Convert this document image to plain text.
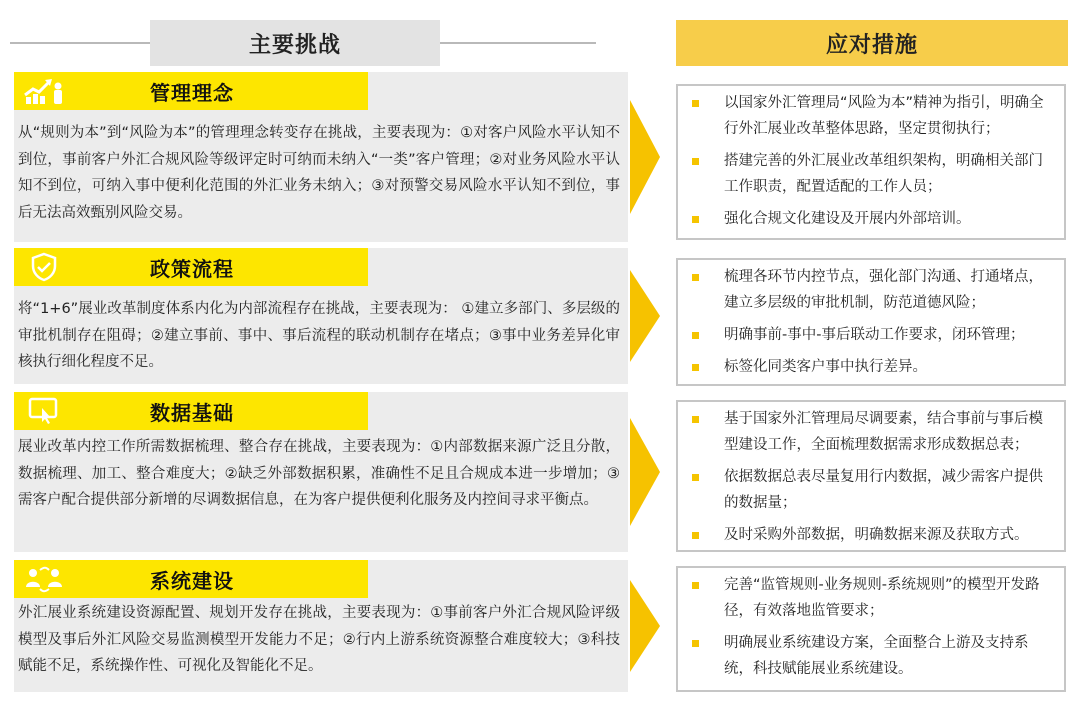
主要挑战	应对措施
管理理念
从“规则为本”到“风险为本”的管理理念转变存在挑战，主要表现为：①对客户风险水平认知不到位，事前客户外汇合规风险等级评定时可纳而未纳入“一类”客户管理；②对业务风险水平认知不到位，可纳入事中便利化范围的外汇业务未纳入；③对预警交易风险水平认知不到位，事后无法高效甄别风险交易。
以国家外汇管理局“风险为本”精神为指引，明确全行外汇展业改革整体思路，坚定贯彻执行；
搭建完善的外汇展业改革组织架构，明确相关部门工作职责，配置适配的工作人员；
强化合规文化建设及开展内外部培训。
政策流程
将“1+6”展业改革制度体系内化为内部流程存在挑战，主要表现为： ①建立多部门、多层级的审批机制存在阻碍；②建立事前、事中、事后流程的联动机制存在堵点；③事中业务差异化审核执行细化程度不足。
梳理各环节内控节点，强化部门沟通、打通堵点，建立多层级的审批机制，防范道德风险；
明确事前-事中-事后联动工作要求，闭环管理；
标签化同类客户事中执行差异。
数据基础
展业改革内控工作所需数据梳理、整合存在挑战，主要表现为：①内部数据来源广泛且分散，数据梳理、加工、整合难度大；②缺乏外部数据积累，准确性不足且合规成本进一步增加；③需客户配合提供部分新增的尽调数据信息，在为客户提供便利化服务及内控间寻求平衡点。
基于国家外汇管理局尽调要素，结合事前与事后模型建设工作，全面梳理数据需求形成数据总表；
依据数据总表尽量复用行内数据，减少需客户提供的数据量；
及时采购外部数据，明确数据来源及获取方式。
系统建设
外汇展业系统建设资源配置、规划开发存在挑战，主要表现为：①事前客户外汇合规风险评级模型及事后外汇风险交易监测模型开发能力不足；②行内上游系统资源整合难度较大；③科技赋能不足，系统操作性、可视化及智能化不足。
完善“监管规则-业务规则-系统规则”的模型开发路径，有效落地监管要求；
明确展业系统建设方案，全面整合上游及支持系统，科技赋能展业系统建设。
